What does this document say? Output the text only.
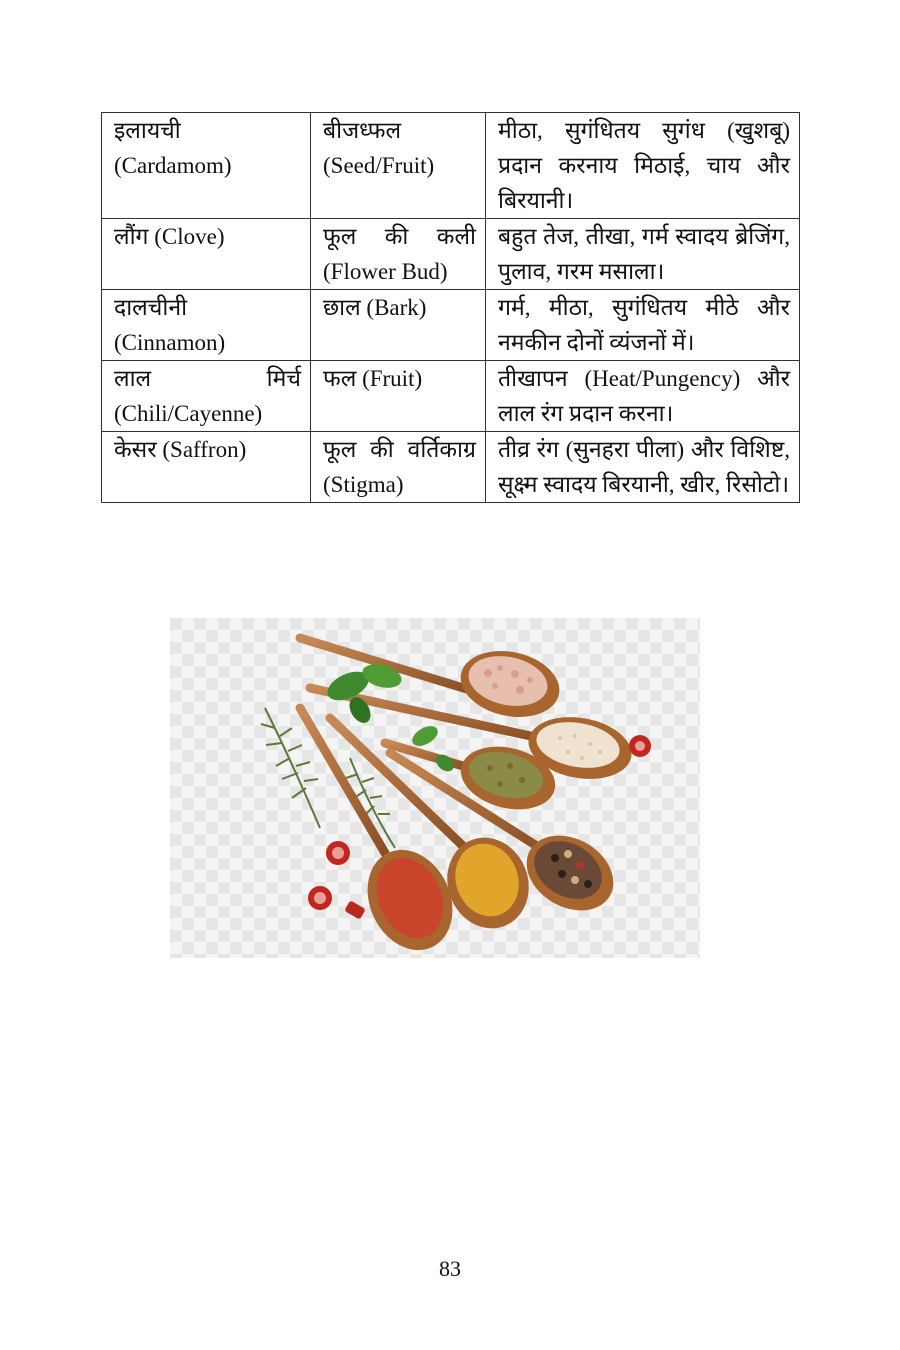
इलायची (Cardamom)	बीजध्फल (Seed/Fruit)	मीठा, सुगंधितय सुगंध (खुशबू) प्रदान करनाय मिठाई, चाय और बिरयानी।
लौंग (Clove)	फूल की कली (Flower Bud)	बहुत तेज, तीखा, गर्म स्वादय ब्रेजिंग, पुलाव, गरम मसाला।
दालचीनी (Cinnamon)	छाल (Bark)	गर्म, मीठा, सुगंधितय मीठे और नमकीन दोनों व्यंजनों में।
लाल मिर्च (Chili/Cayenne)	फल (Fruit)	तीखापन (Heat/Pungency) और लाल रंग प्रदान करना।
केसर (Saffron)	फूल की वर्तिकाग्र (Stigma)	तीव्र रंग (सुनहरा पीला) और विशिष्ट, सूक्ष्म स्वादय बिरयानी, खीर, रिसोटो।
83
